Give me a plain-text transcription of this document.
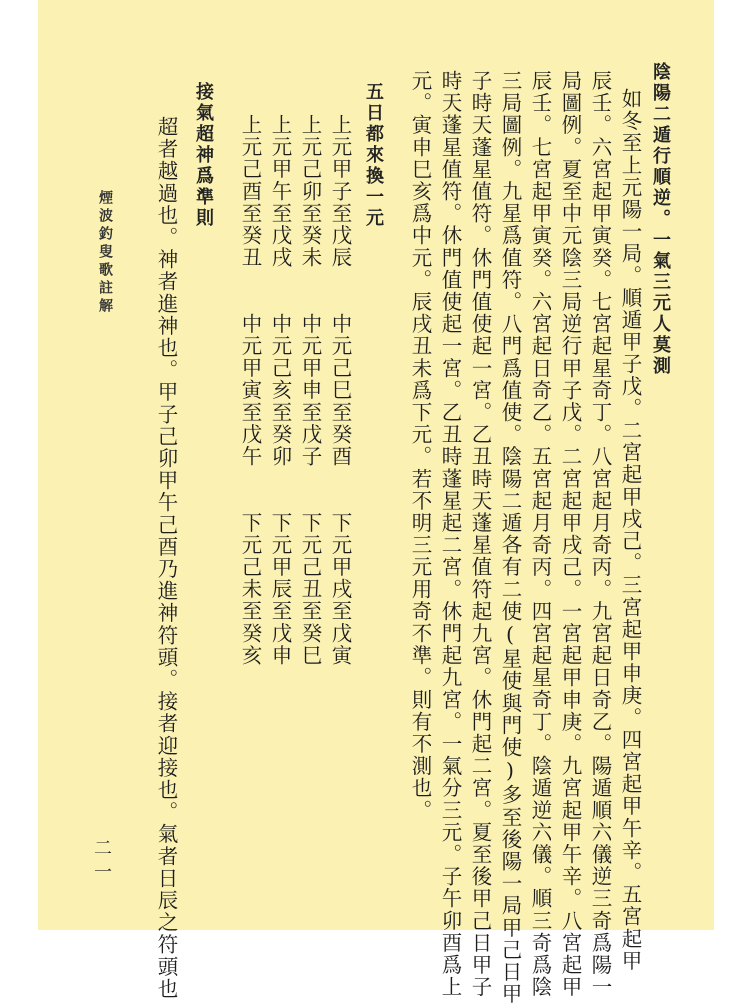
陰陽二遁行順逆。一氣三元人莫測
如冬至上元陽一局。順遁甲子戊。二宮起甲戌己。三宮起甲申庚。四宮起甲午辛。五宮起甲
辰壬。六宮起甲寅癸。七宮起星奇丁。八宮起月奇丙。九宮起日奇乙。陽遁順六儀逆三奇爲陽一
局圖例。夏至中元陰三局逆行甲子戊。二宮起甲戌己。一宮起甲申庚。九宮起甲午辛。八宮起甲
辰壬。七宮起甲寅癸。六宮起日奇乙。五宮起月奇丙。四宮起星奇丁。陰遁逆六儀。順三奇爲陰
三局圖例。九星爲值符。八門爲值使。陰陽二遁各有二使(星使與門使)多至後陽一局甲己日甲
子時天蓬星值符。休門值使起一宮。乙丑時天蓬星值符起九宮。休門起二宮。夏至後甲己日甲子
時天蓬星值符。休門值使起一宮。乙丑時蓬星起二宮。休門起九宮。一氣分三元。子午卯酉爲上
元。寅申巳亥爲中元。辰戌丑未爲下元。若不明三元用奇不準。則有不測也。
五日都來換一元
上元甲子至戊辰　　中元己巳至癸酉　　下元甲戌至戊寅
上元己卯至癸未　　中元甲申至戊子　　下元己丑至癸巳
上元甲午至戊戌　　中元己亥至癸卯　　下元甲辰至戊申
上元己酉至癸丑　　中元甲寅至戊午　　下元己未至癸亥
接氣超神爲準則
超者越過也。神者進神也。甲子己卯甲午己酉乃進神符頭。接者迎接也。氣者日辰之符頭也
煙波釣叟歌註解
二一
